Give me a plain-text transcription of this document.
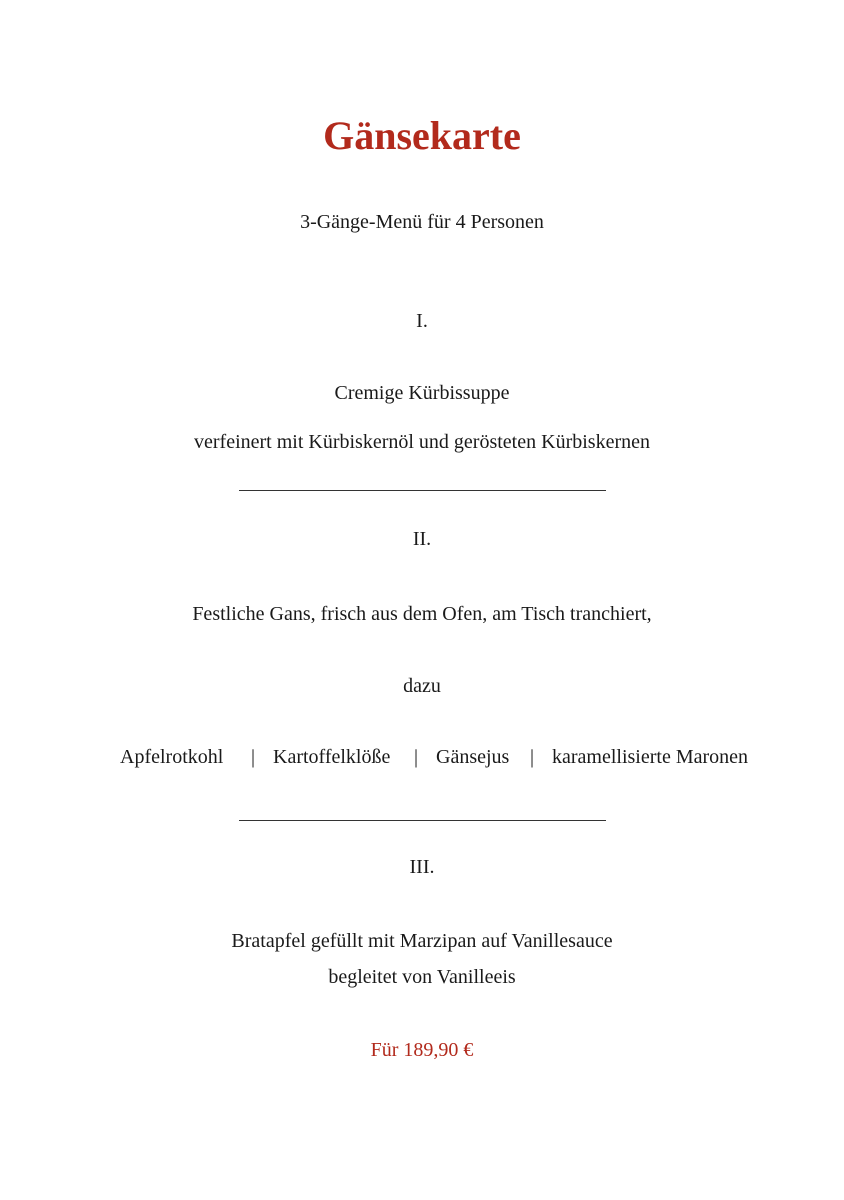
Gänsekarte
3-Gänge-Menü für 4 Personen
I.
Cremige Kürbissuppe
verfeinert mit Kürbiskernöl und gerösteten Kürbiskernen
II.
Festliche Gans, frisch aus dem Ofen, am Tisch tranchiert,
dazu
Apfelrotkohl | Kartoffelklöße | Gänsejus | karamellisierte Maronen
III.
Bratapfel gefüllt mit Marzipan auf Vanillesauce
begleitet von Vanilleeis
Für 189,90 €
